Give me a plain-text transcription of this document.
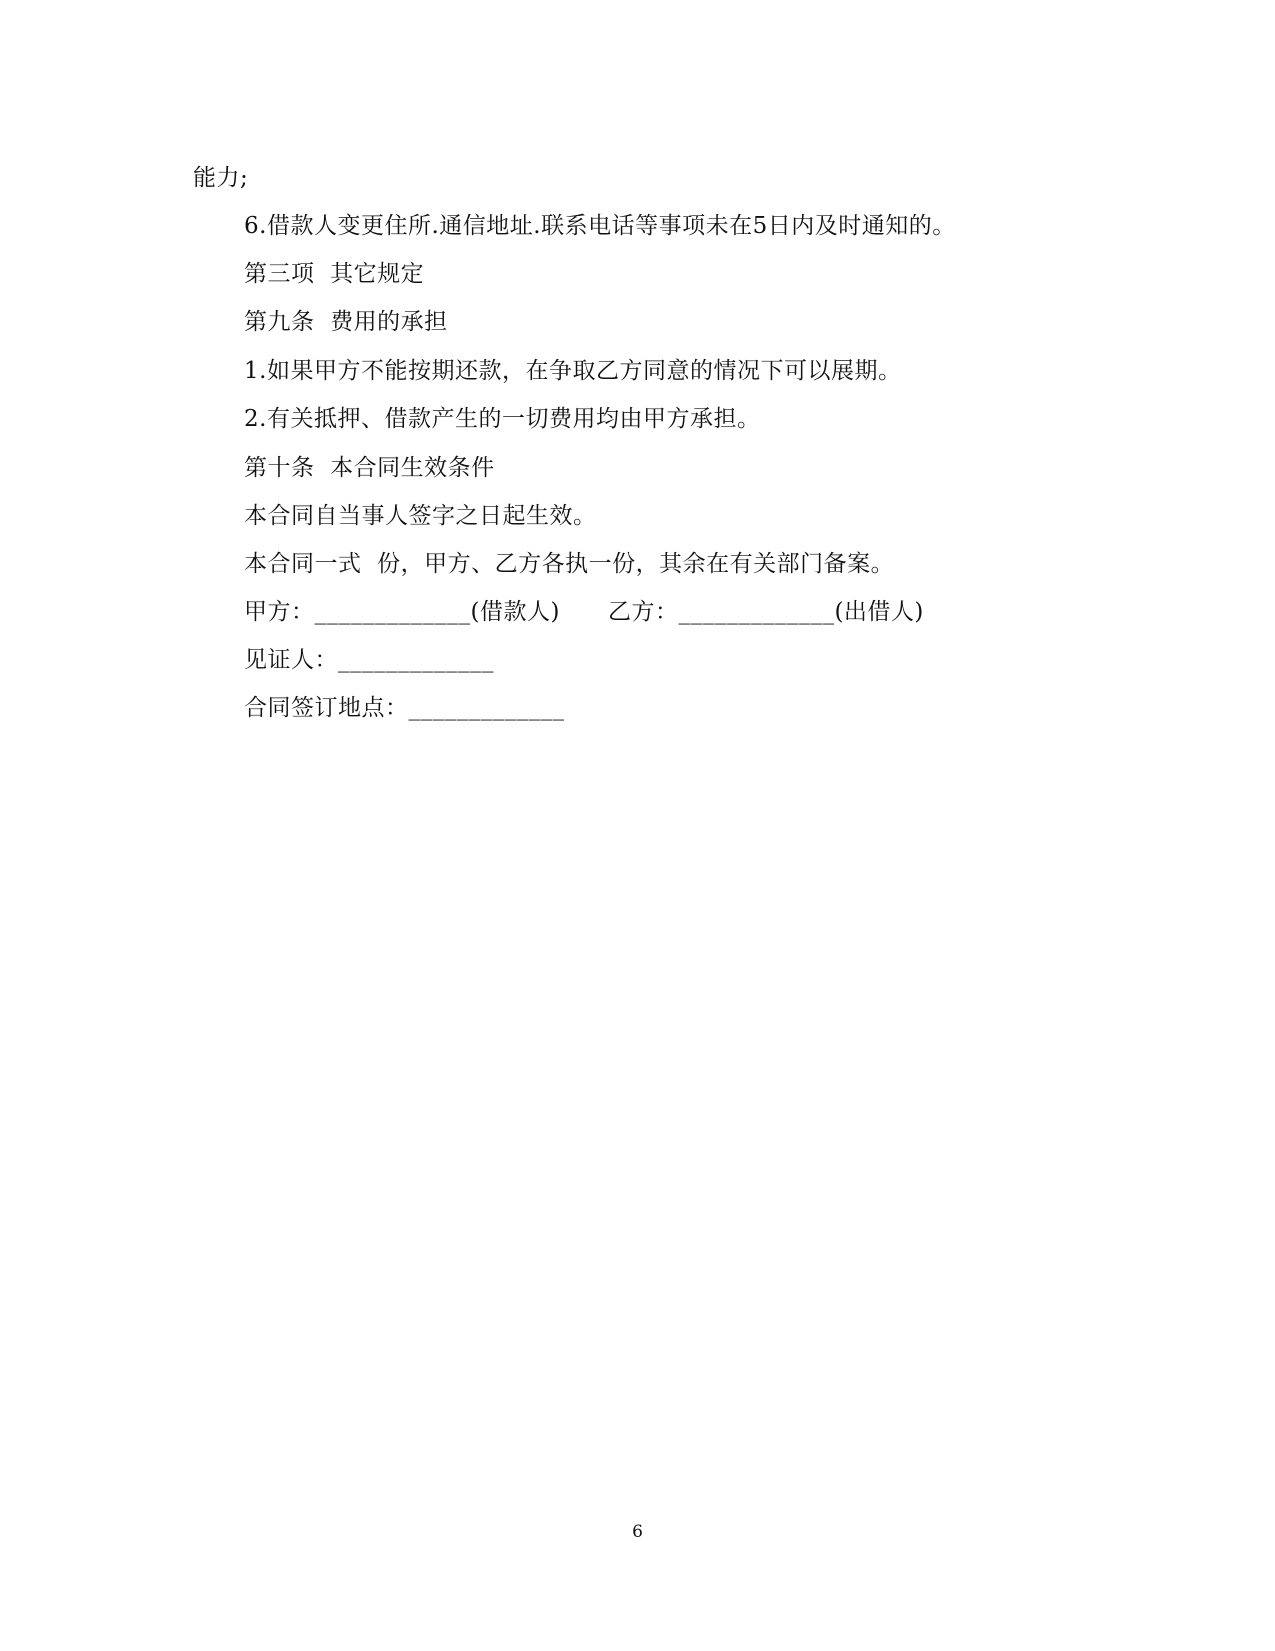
能力;
6.借款人变更住所.通信地址.联系电话等事项未在5日内及时通知的。
第三项  其它规定
第九条  费用的承担
1.如果甲方不能按期还款，在争取乙方同意的情况下可以展期。
2.有关抵押、借款产生的一切费用均由甲方承担。
第十条  本合同生效条件
本合同自当事人签字之日起生效。
本合同一式  份，甲方、乙方各执一份，其余在有关部门备案。
甲方：_____________(借款人) 乙方：_____________(出借人)
见证人：_____________
合同签订地点：_____________
6
